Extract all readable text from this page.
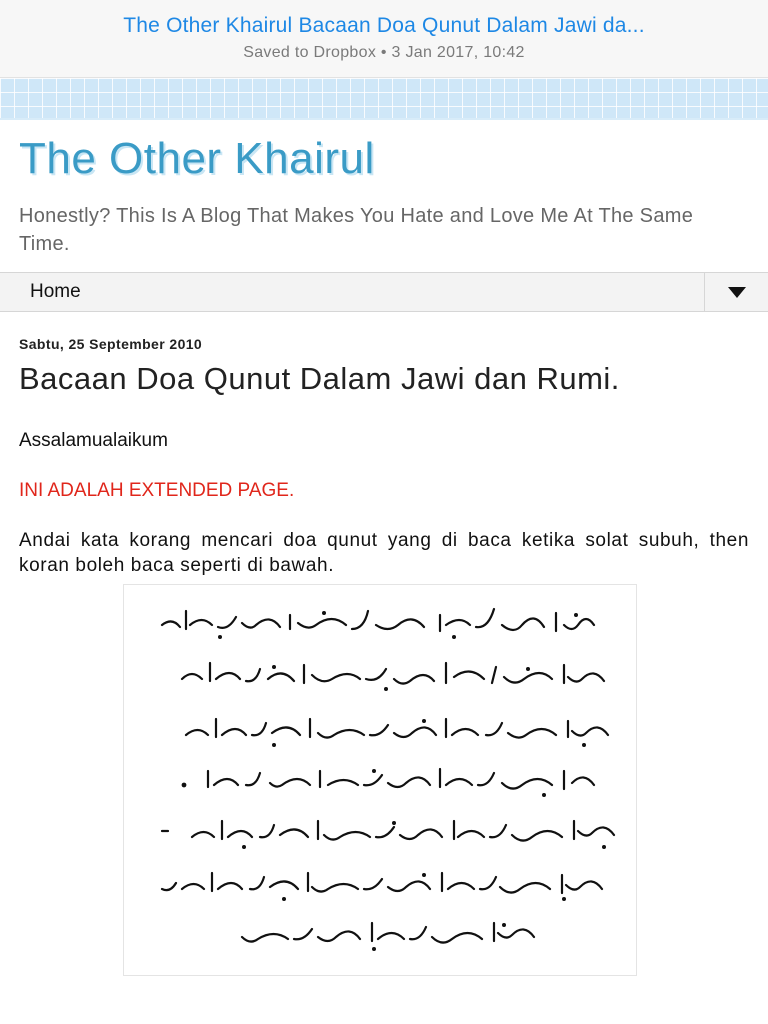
The Other Khairul Bacaan Doa Qunut Dalam Jawi da...
Saved to Dropbox • 3 Jan 2017, 10:42
The Other Khairul
Honestly? This Is A Blog That Makes You Hate and Love Me At The Same Time.
Home
Sabtu, 25 September 2010
Bacaan Doa Qunut Dalam Jawi dan Rumi.
Assalamualaikum
INI ADALAH EXTENDED PAGE.
Andai kata korang mencari doa qunut yang di baca ketika solat subuh, then koran boleh baca seperti di bawah.
